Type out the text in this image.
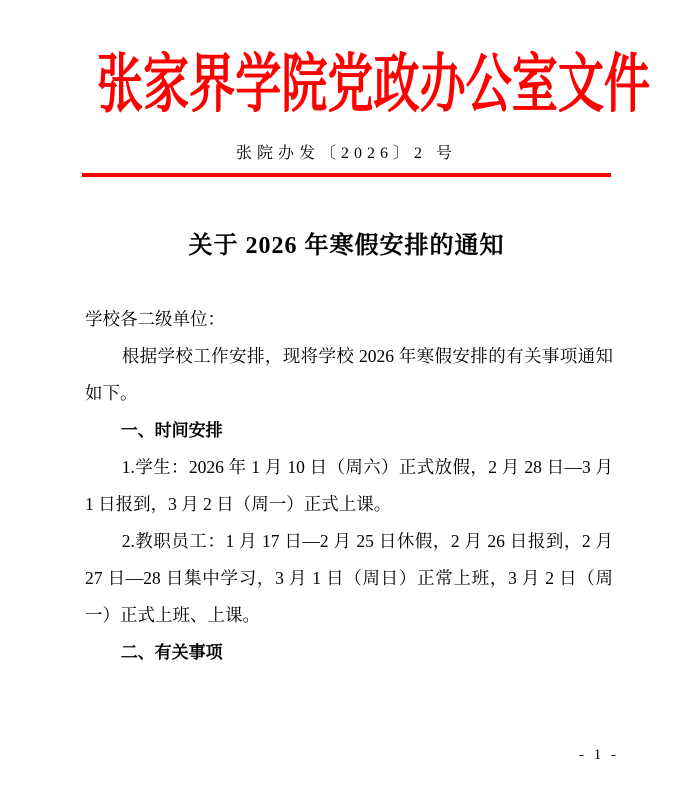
张家界学院党政办公室文件
张院办发〔2026〕2 号
关于 2026 年寒假安排的通知
学校各二级单位：
根据学校工作安排，现将学校 2026 年寒假安排的有关事项通知如下。
一、时间安排
1.学生：2026 年 1 月 10 日（周六）正式放假，2 月 28 日—3 月 1 日报到，3 月 2 日（周一）正式上课。
2.教职员工：1 月 17 日—2 月 25 日休假，2 月 26 日报到，2 月 27 日—28 日集中学习，3 月 1 日（周日）正常上班，3 月 2 日（周一）正式上班、上课。
二、有关事项
- 1 -
